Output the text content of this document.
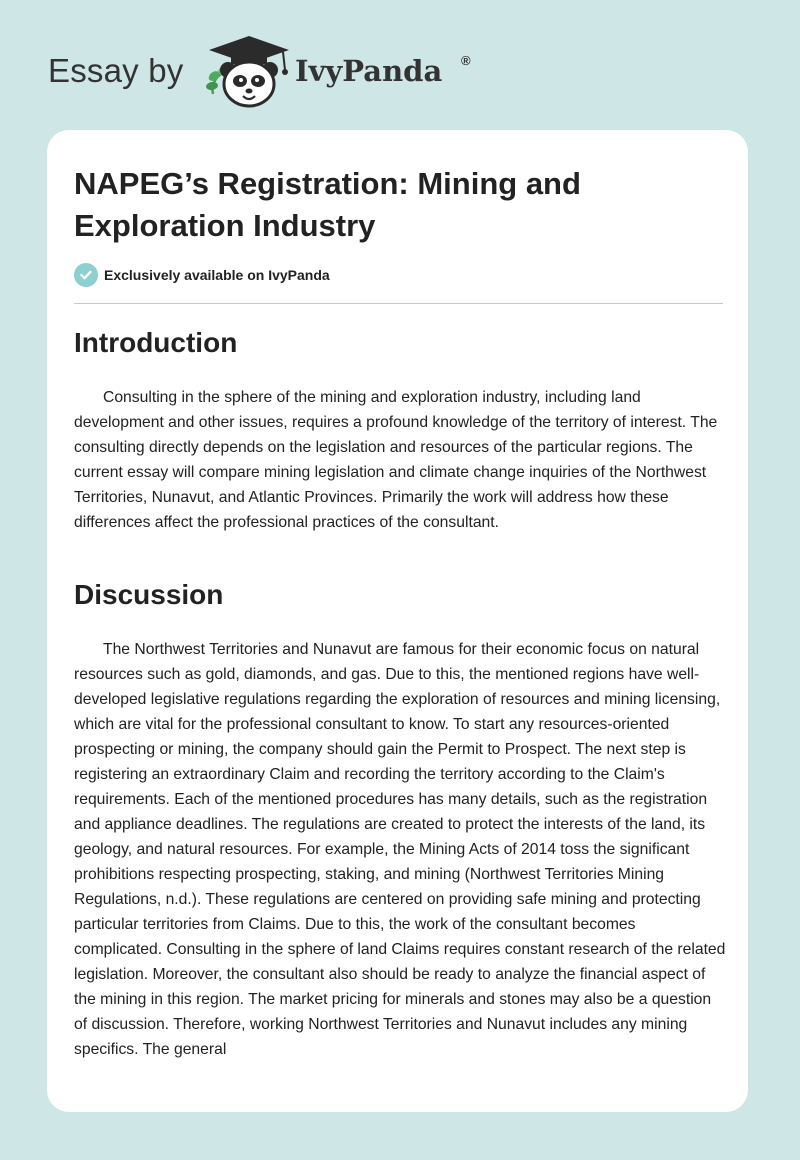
Essay by	IvyPanda ®
NAPEG’s Registration: Mining and Exploration Industry
Exclusively available on IvyPanda
Introduction

Consulting in the sphere of the mining and exploration industry, including land development and other issues, requires a profound knowledge of the territory of interest. The consulting directly depends on the legislation and resources of the particular regions. The current essay will compare mining legislation and climate change inquiries of the Northwest Territories, Nunavut, and Atlantic Provinces. Primarily the work will address how these differences affect the professional practices of the consultant.

Discussion

The Northwest Territories and Nunavut are famous for their economic focus on natural resources such as gold, diamonds, and gas. Due to this, the mentioned regions have well-developed legislative regulations regarding the exploration of resources and mining licensing, which are vital for the professional consultant to know. To start any resources-oriented prospecting or mining, the company should gain the Permit to Prospect. The next step is registering an extraordinary Claim and recording the territory according to the Claim's requirements. Each of the mentioned procedures has many details, such as the registration and appliance deadlines. The regulations are created to protect the interests of the land, its geology, and natural resources. For example, the Mining Acts of 2014 toss the significant prohibitions respecting prospecting, staking, and mining (Northwest Territories Mining Regulations, n.d.). These regulations are centered on providing safe mining and protecting particular territories from Claims. Due to this, the work of the consultant becomes complicated. Consulting in the sphere of land Claims requires constant research of the related legislation. Moreover, the consultant also should be ready to analyze the financial aspect of the mining in this region. The market pricing for minerals and stones may also be a question of discussion. Therefore, working Northwest Territories and Nunavut includes any mining specifics. The general
